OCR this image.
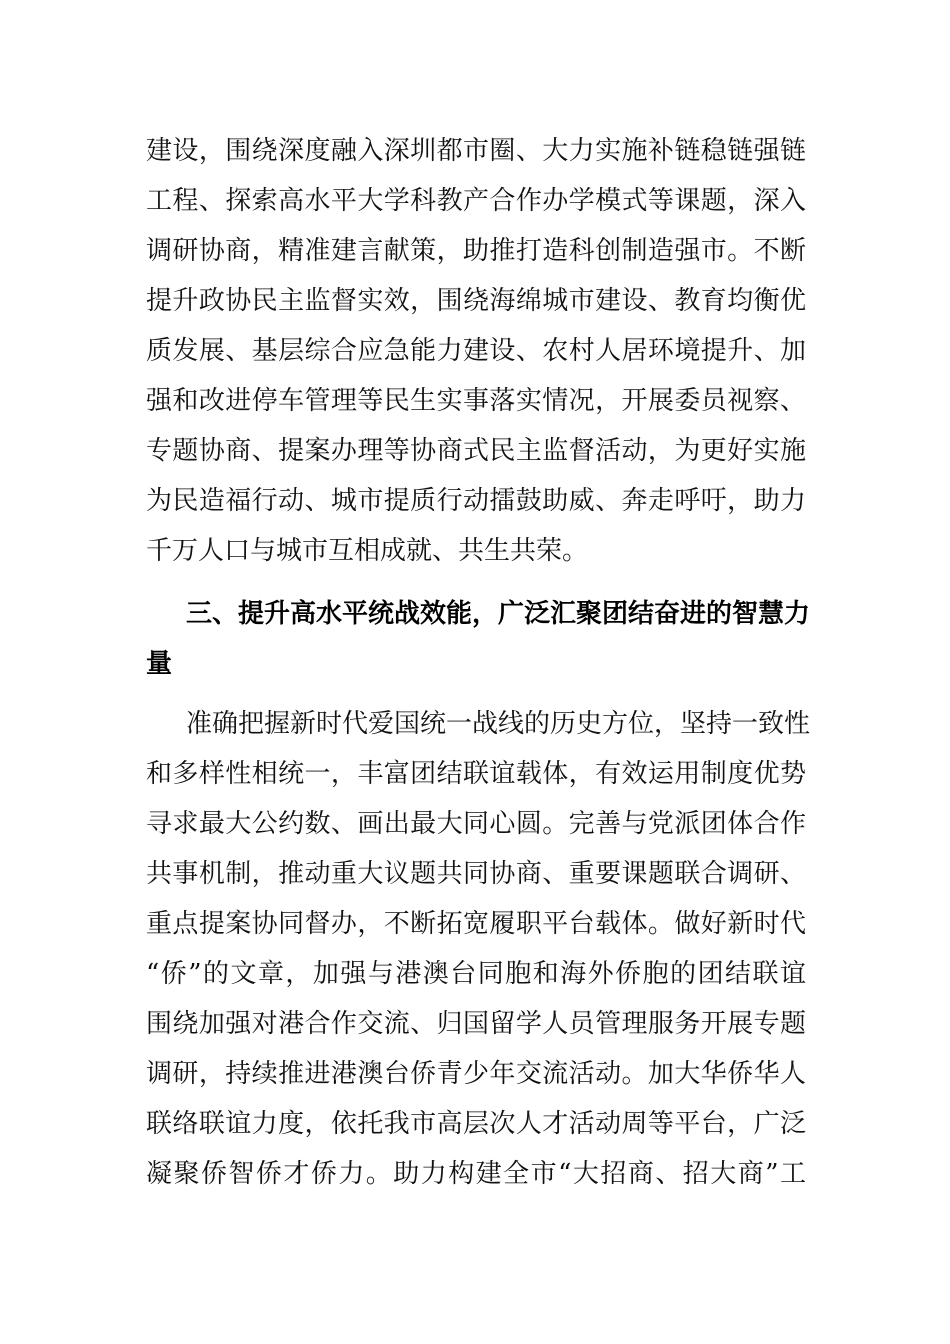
建设，围绕深度融入深圳都市圈、大力实施补链稳链强链
工程、探索高水平大学科教产合作办学模式等课题，深入
调研协商，精准建言献策，助推打造科创制造强市。不断
提升政协民主监督实效，围绕海绵城市建设、教育均衡优
质发展、基层综合应急能力建设、农村人居环境提升、加
强和改进停车管理等民生实事落实情况，开展委员视察、
专题协商、提案办理等协商式民主监督活动，为更好实施
为民造福行动、城市提质行动擂鼓助威、奔走呼吁，助力
千万人口与城市互相成就、共生共荣。
三、提升高水平统战效能，广泛汇聚团结奋进的智慧力
量
准确把握新时代爱国统一战线的历史方位，坚持一致性
和多样性相统一，丰富团结联谊载体，有效运用制度优势
寻求最大公约数、画出最大同心圆。完善与党派团体合作
共事机制，推动重大议题共同协商、重要课题联合调研、
重点提案协同督办，不断拓宽履职平台载体。做好新时代
“侨”的文章，加强与港澳台同胞和海外侨胞的团结联谊
围绕加强对港合作交流、归国留学人员管理服务开展专题
调研，持续推进港澳台侨青少年交流活动。加大华侨华人
联络联谊力度，依托我市高层次人才活动周等平台，广泛
凝聚侨智侨才侨力。助力构建全市“大招商、招大商”工
